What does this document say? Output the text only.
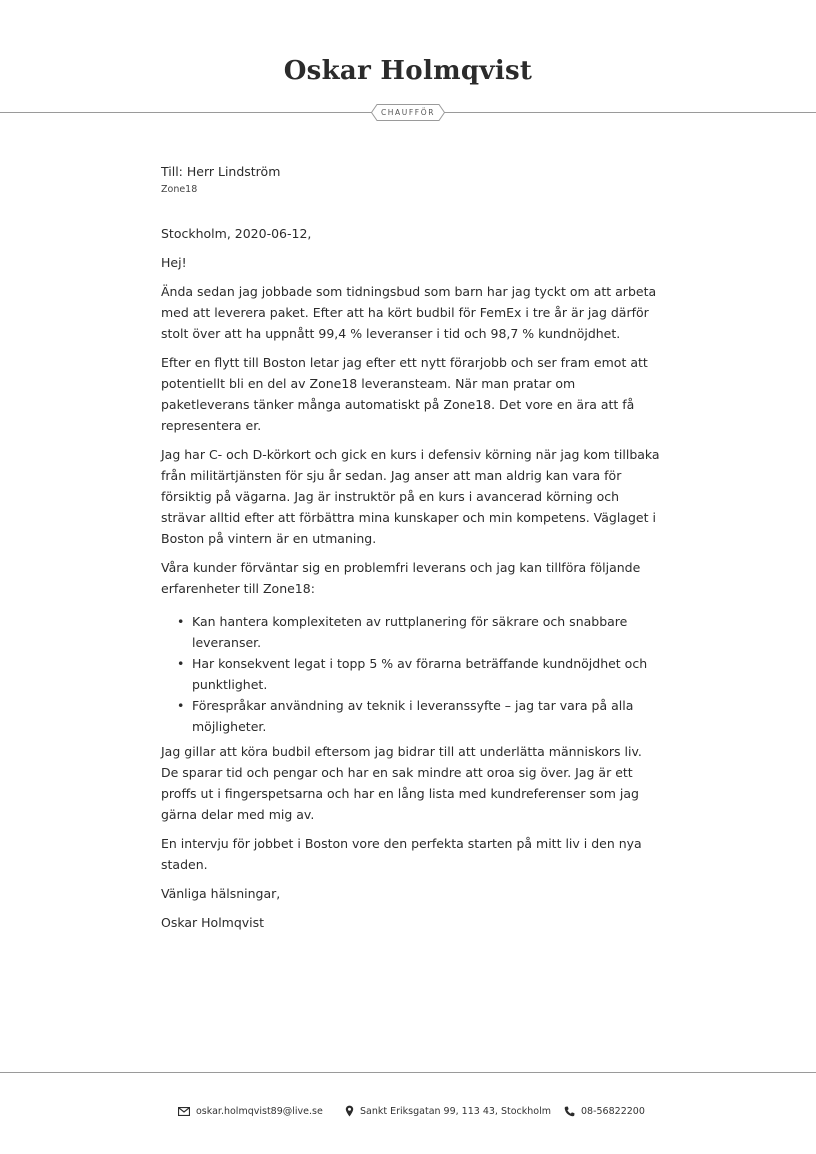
Oskar Holmqvist
CHAUFFÖR
Till: Herr Lindström
Zone18

Stockholm, 2020-06-12,

Hej!

Ända sedan jag jobbade som tidningsbud som barn har jag tyckt om att arbeta med att leverera paket. Efter att ha kört budbil för FemEx i tre år är jag därför stolt över att ha uppnått 99,4 % leveranser i tid och 98,7 % kundnöjdhet.

Efter en flytt till Boston letar jag efter ett nytt förarjobb och ser fram emot att potentiellt bli en del av Zone18 leveransteam. När man pratar om paketleverans tänker många automatiskt på Zone18. Det vore en ära att få representera er.

Jag har C- och D-körkort och gick en kurs i defensiv körning när jag kom tillbaka från militärtjänsten för sju år sedan. Jag anser att man aldrig kan vara för försiktig på vägarna. Jag är instruktör på en kurs i avancerad körning och strävar alltid efter att förbättra mina kunskaper och min kompetens. Väglaget i Boston på vintern är en utmaning.

Våra kunder förväntar sig en problemfri leverans och jag kan tillföra följande erfarenheter till Zone18:

• Kan hantera komplexiteten av ruttplanering för säkrare och snabbare leveranser.
• Har konsekvent legat i topp 5 % av förarna beträffande kundnöjdhet och punktlighet.
• Förespråkar användning av teknik i leveranssyfte – jag tar vara på alla möjligheter.

Jag gillar att köra budbil eftersom jag bidrar till att underlätta människors liv. De sparar tid och pengar och har en sak mindre att oroa sig över. Jag är ett proffs ut i fingerspetsarna och har en lång lista med kundreferenser som jag gärna delar med mig av.

En intervju för jobbet i Boston vore den perfekta starten på mitt liv i den nya staden.

Vänliga hälsningar,

Oskar Holmqvist

oskar.holmqvist89@live.se	Sankt Eriksgatan 99, 113 43, Stockholm	08-56822200
